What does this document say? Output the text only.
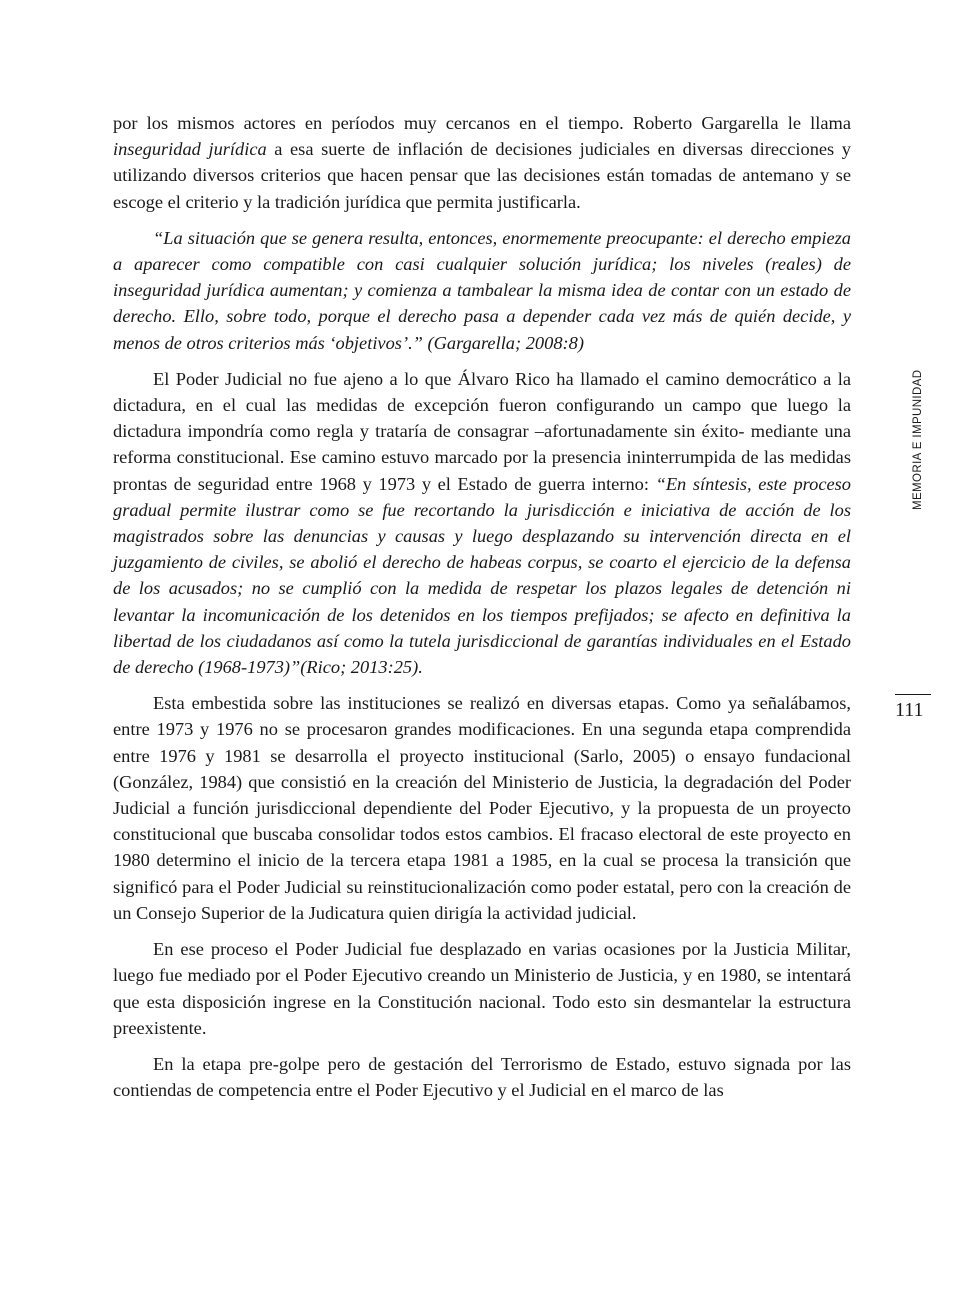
por los mismos actores en períodos muy cercanos en el tiempo. Roberto Gargarella le llama inseguridad jurídica a esa suerte de inflación de decisiones judiciales en diversas direcciones y utilizando diversos criterios que hacen pensar que las decisiones están tomadas de antemano y se escoge el criterio y la tradición jurídica que permita justificarla.

“La situación que se genera resulta, entonces, enormemente preocupante: el derecho empieza a aparecer como compatible con casi cualquier solución jurídica; los niveles (reales) de inseguridad jurídica aumentan; y comienza a tambalear la misma idea de contar con un estado de derecho. Ello, sobre todo, porque el derecho pasa a depender cada vez más de quién decide, y menos de otros criterios más ‘objetivos’.” (Gargarella; 2008:8)

El Poder Judicial no fue ajeno a lo que Álvaro Rico ha llamado el camino democrático a la dictadura, en el cual las medidas de excepción fueron configurando un campo que luego la dictadura impondría como regla y trataría de consagrar –afortunadamente sin éxito- mediante una reforma constitucional. Ese camino estuvo marcado por la presencia ininterrumpida de las medidas prontas de seguridad entre 1968 y 1973 y el Estado de guerra interno: “En síntesis, este proceso gradual permite ilustrar como se fue recortando la jurisdicción e iniciativa de acción de los magistrados sobre las denuncias y causas y luego desplazando su intervención directa en el juzgamiento de civiles, se abolió el derecho de habeas corpus, se coarto el ejercicio de la defensa de los acusados; no se cumplió con la medida de respetar los plazos legales de detención ni levantar la incomunicación de los detenidos en los tiempos prefijados; se afecto en definitiva la libertad de los ciudadanos así como la tutela jurisdiccional de garantías individuales en el Estado de derecho (1968-1973)”(Rico; 2013:25).

Esta embestida sobre las instituciones se realizó en diversas etapas. Como ya señalábamos, entre 1973 y 1976 no se procesaron grandes modificaciones. En una segunda etapa comprendida entre 1976 y 1981 se desarrolla el proyecto institucional (Sarlo, 2005) o ensayo fundacional (González, 1984) que consistió en la creación del Ministerio de Justicia, la degradación del Poder Judicial a función jurisdiccional dependiente del Poder Ejecutivo, y la propuesta de un proyecto constitucional que buscaba consolidar todos estos cambios. El fracaso electoral de este proyecto en 1980 determino el inicio de la tercera etapa 1981 a 1985, en la cual se procesa la transición que significó para el Poder Judicial su reinstitucionalización como poder estatal, pero con la creación de un Consejo Superior de la Judicatura quien dirigía la actividad judicial.

En ese proceso el Poder Judicial fue desplazado en varias ocasiones por la Justicia Militar, luego fue mediado por el Poder Ejecutivo creando un Ministerio de Justicia, y en 1980, se intentará que esta disposición ingrese en la Constitución nacional. Todo esto sin desmantelar la estructura preexistente.

En la etapa pre-golpe pero de gestación del Terrorismo de Estado, estuvo signada por las contiendas de competencia entre el Poder Ejecutivo y el Judicial en el marco de las

MEMORIA E IMPUNIDAD
111
